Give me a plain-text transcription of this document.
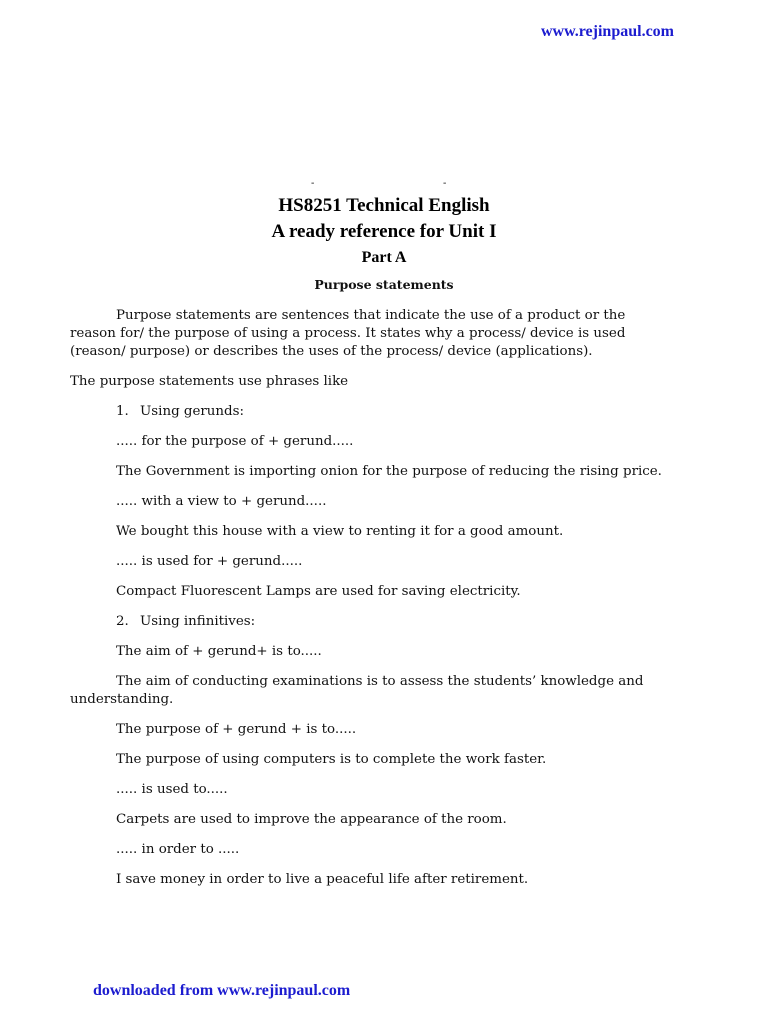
www.rejinpaul.com
-	-
HS8251 Technical English
A ready reference for Unit I
Part A
Purpose statements

Purpose statements are sentences that indicate the use of a product or the reason for/ the purpose of using a process. It states why a process/ device is used (reason/ purpose) or describes the uses of the process/ device (applications).

The purpose statements use phrases like

1. Using gerunds:

..... for the purpose of + gerund.....

The Government is importing onion for the purpose of reducing the rising price.

..... with a view to + gerund.....

We bought this house with a view to renting it for a good amount.

..... is used for + gerund.....

Compact Fluorescent Lamps are used for saving electricity.

2. Using infinitives:

The aim of + gerund+ is to.....

The aim of conducting examinations is to assess the students’ knowledge and understanding.

The purpose of + gerund + is to.....

The purpose of using computers is to complete the work faster.

..... is used to.....

Carpets are used to improve the appearance of the room.

..... in order to .....

I save money in order to live a peaceful life after retirement.

downloaded from www.rejinpaul.com
